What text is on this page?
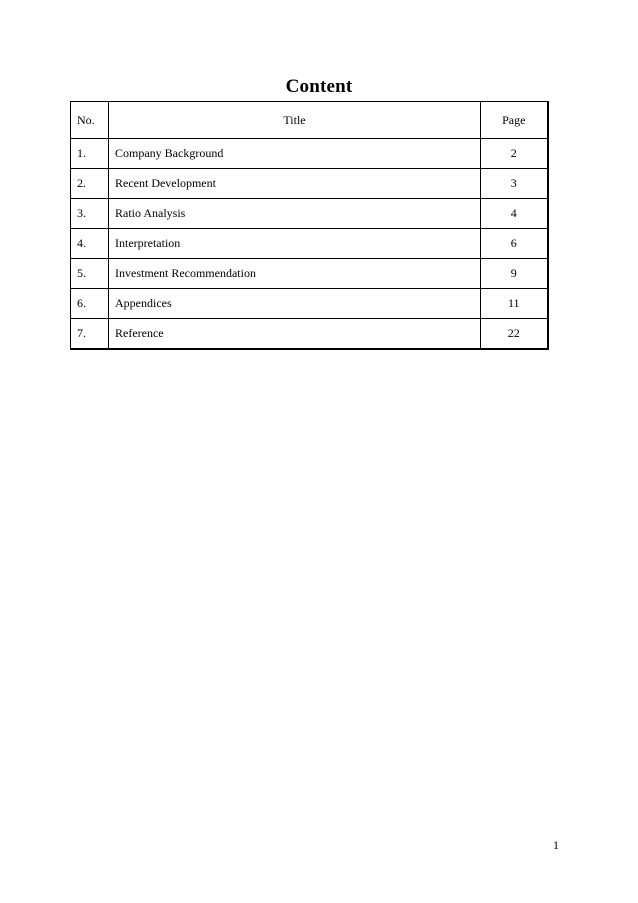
Content
No.	Title	Page
1.	Company Background	2
2.	Recent Development	3
3.	Ratio Analysis	4
4.	Interpretation	6
5.	Investment Recommendation	9
6.	Appendices	11
7.	Reference	22
1
